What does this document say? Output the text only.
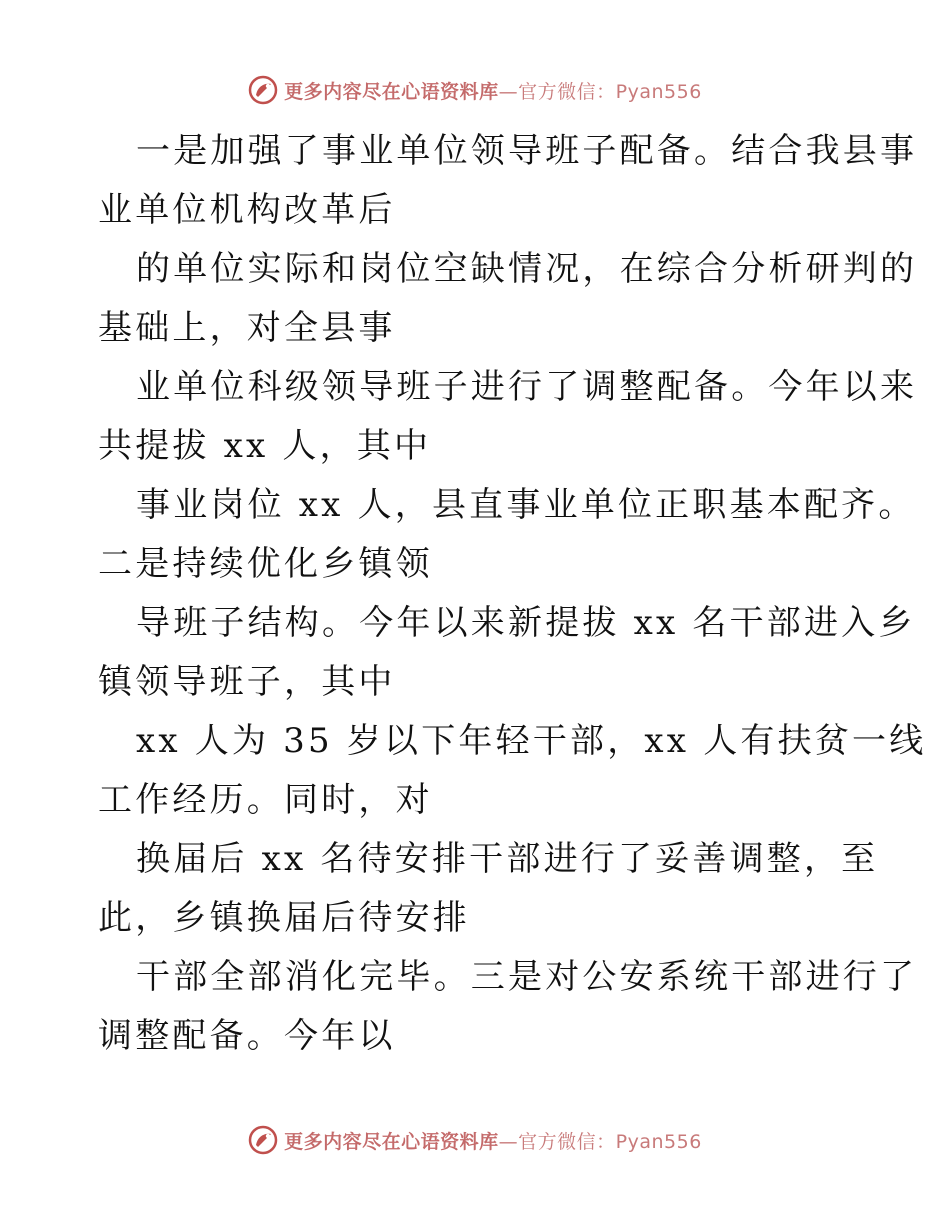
更多内容尽在心语资料库—官方微信：Pyan556
一是加强了事业单位领导班子配备。结合我县事
业单位机构改革后
的单位实际和岗位空缺情况，在综合分析研判的
基础上，对全县事
业单位科级领导班子进行了调整配备。今年以来
共提拔 xx 人，其中
事业岗位 xx 人，县直事业单位正职基本配齐。
二是持续优化乡镇领
导班子结构。今年以来新提拔 xx 名干部进入乡
镇领导班子，其中
xx 人为 35 岁以下年轻干部，xx 人有扶贫一线
工作经历。同时，对
换届后 xx 名待安排干部进行了妥善调整，至
此，乡镇换届后待安排
干部全部消化完毕。三是对公安系统干部进行了
调整配备。今年以
更多内容尽在心语资料库—官方微信：Pyan556
